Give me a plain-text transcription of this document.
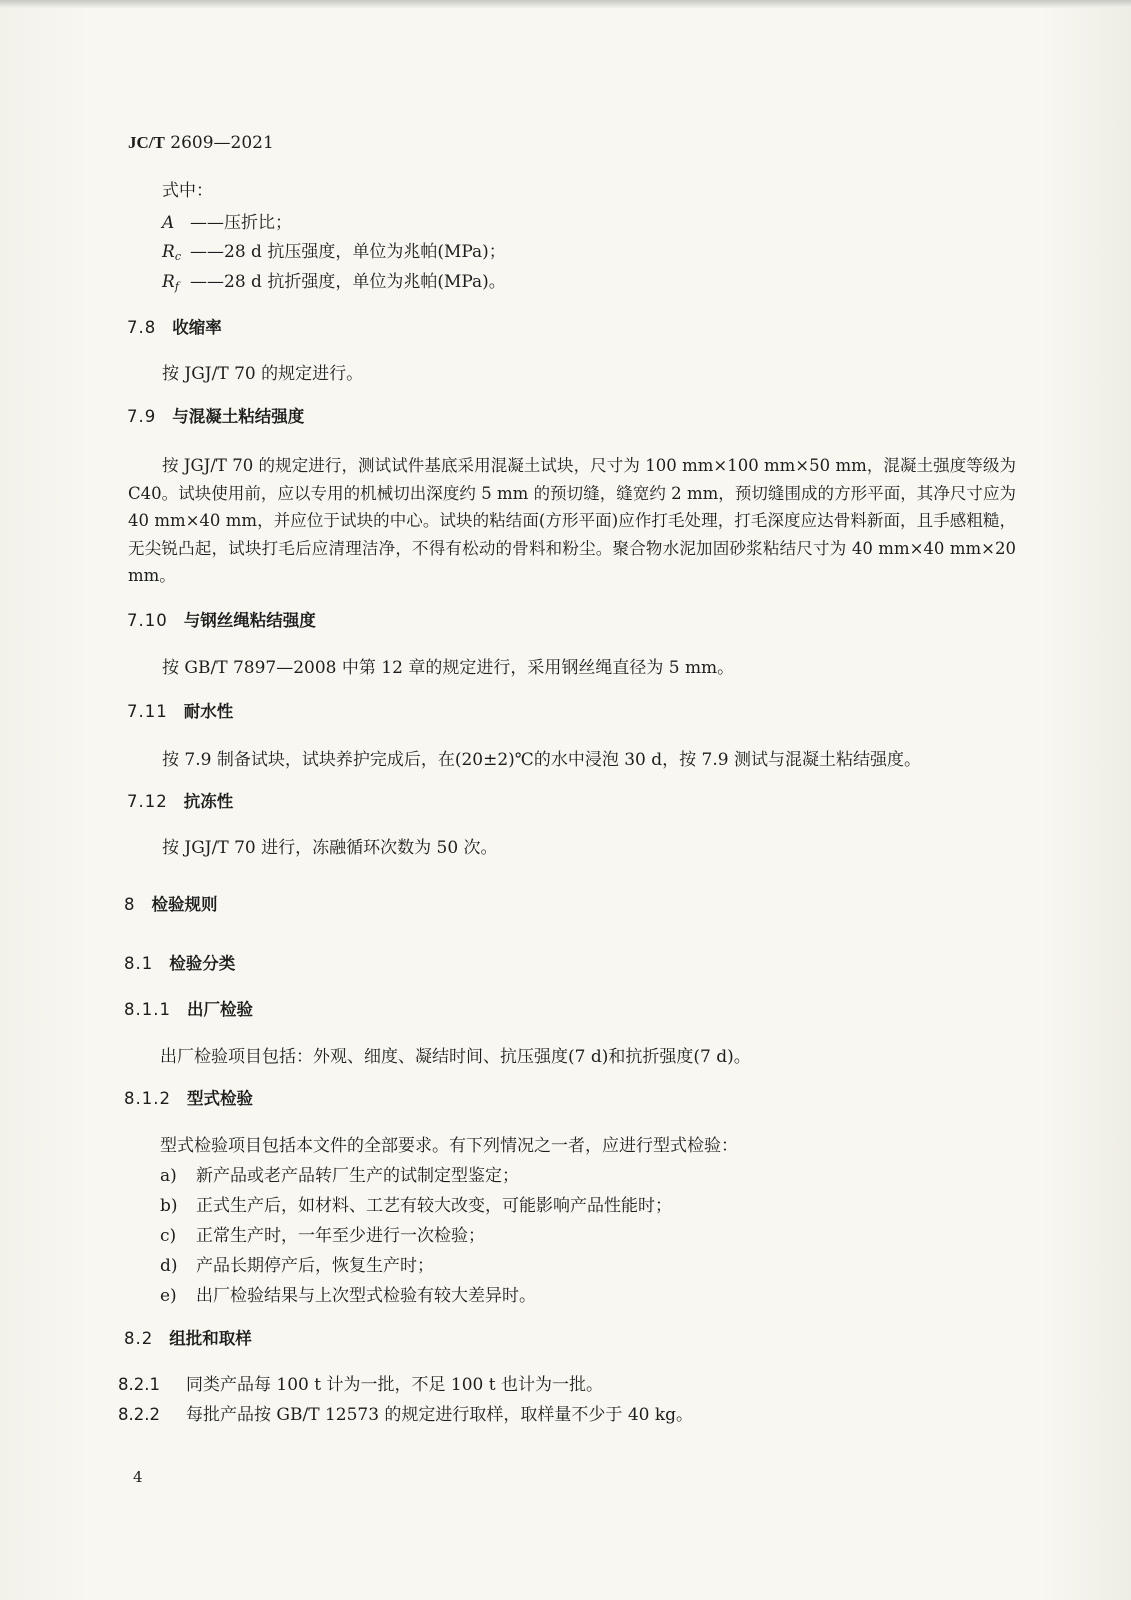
JC/T 2609—2021
式中：
A ——压折比；
$R_c$ ——28 d 抗压强度，单位为兆帕(MPa)；
$R_f$ ——28 d 抗折强度，单位为兆帕(MPa)。
7.8 收缩率
按 JGJ/T 70 的规定进行。
7.9 与混凝土粘结强度
按 JGJ/T 70 的规定进行，测试试件基底采用混凝土试块，尺寸为 100 mm×100 mm×50 mm，混凝土强度等级为 C40。试块使用前，应以专用的机械切出深度约 5 mm 的预切缝，缝宽约 2 mm，预切缝围成的方形平面，其净尺寸应为 40 mm×40 mm，并应位于试块的中心。试块的粘结面(方形平面)应作打毛处理，打毛深度应达骨料新面，且手感粗糙，无尖锐凸起，试块打毛后应清理洁净，不得有松动的骨料和粉尘。聚合物水泥加固砂浆粘结尺寸为 40 mm×40 mm×20 mm。
7.10 与钢丝绳粘结强度
按 GB/T 7897—2008 中第 12 章的规定进行，采用钢丝绳直径为 5 mm。
7.11 耐水性
按 7.9 制备试块，试块养护完成后，在(20±2)℃的水中浸泡 30 d，按 7.9 测试与混凝土粘结强度。
7.12 抗冻性
按 JGJ/T 70 进行，冻融循环次数为 50 次。
8 检验规则
8.1 检验分类
8.1.1 出厂检验
出厂检验项目包括：外观、细度、凝结时间、抗压强度(7 d)和抗折强度(7 d)。
8.1.2 型式检验
型式检验项目包括本文件的全部要求。有下列情况之一者，应进行型式检验：
a) 新产品或老产品转厂生产的试制定型鉴定；
b) 正式生产后，如材料、工艺有较大改变，可能影响产品性能时；
c) 正常生产时，一年至少进行一次检验；
d) 产品长期停产后，恢复生产时；
e) 出厂检验结果与上次型式检验有较大差异时。
8.2 组批和取样
8.2.1 同类产品每 100 t 计为一批，不足 100 t 也计为一批。
8.2.2 每批产品按 GB/T 12573 的规定进行取样，取样量不少于 40 kg。
4
